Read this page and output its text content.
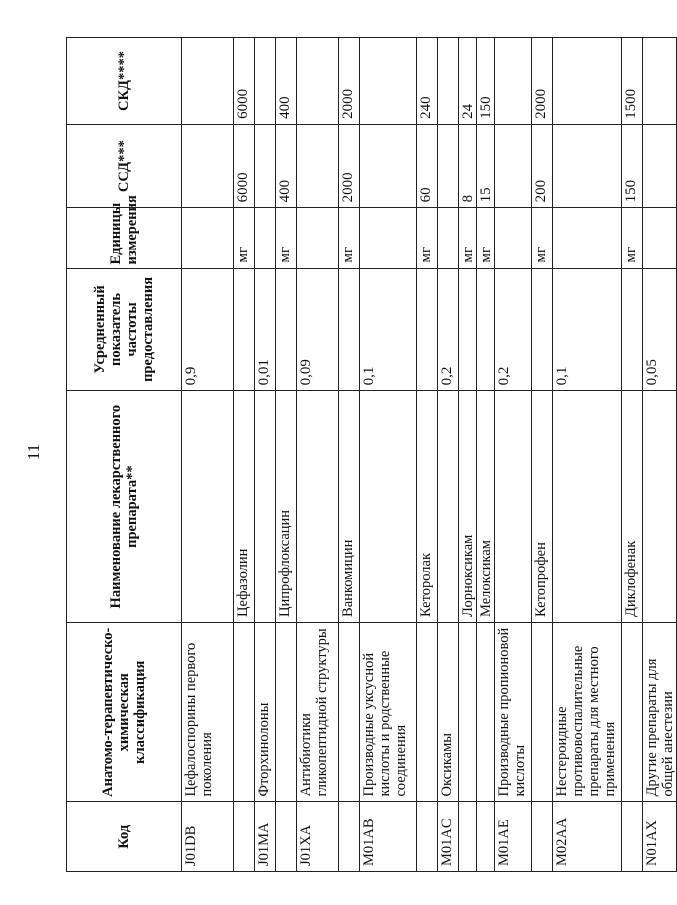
11
Код	Анатомо-терапевтическо-химическая классификация	Наименование лекарственного препарата**	Усредненный показатель частоты предоставления	Единицы измерения	ССД***	СКД****
J01DB	Цефалоспорины первого поколения		0,9			
		Цефазолин		мг	6000	6000
J01MA	Фторхинолоны		0,01			
		Ципрофлоксацин		мг	400	400
J01XA	Антибиотики гликопептидной структуры		0,09			
		Ванкомицин		мг	2000	2000
M01AB	Производные уксусной кислоты и родственные соединения		0,1			
		Кеторолак		мг	60	240
M01AC	Оксикамы		0,2			
		Лорноксикам		мг	8	24
		Мелоксикам		мг	15	150
M01AE	Производные пропионовой кислоты		0,2			
		Кетопрофен		мг	200	2000
M02AA	Нестероидные противовоспалительные препараты для местного применения		0,1			
		Диклофенак		мг	150	1500
N01AX	Другие препараты для общей анестезии		0,05			
